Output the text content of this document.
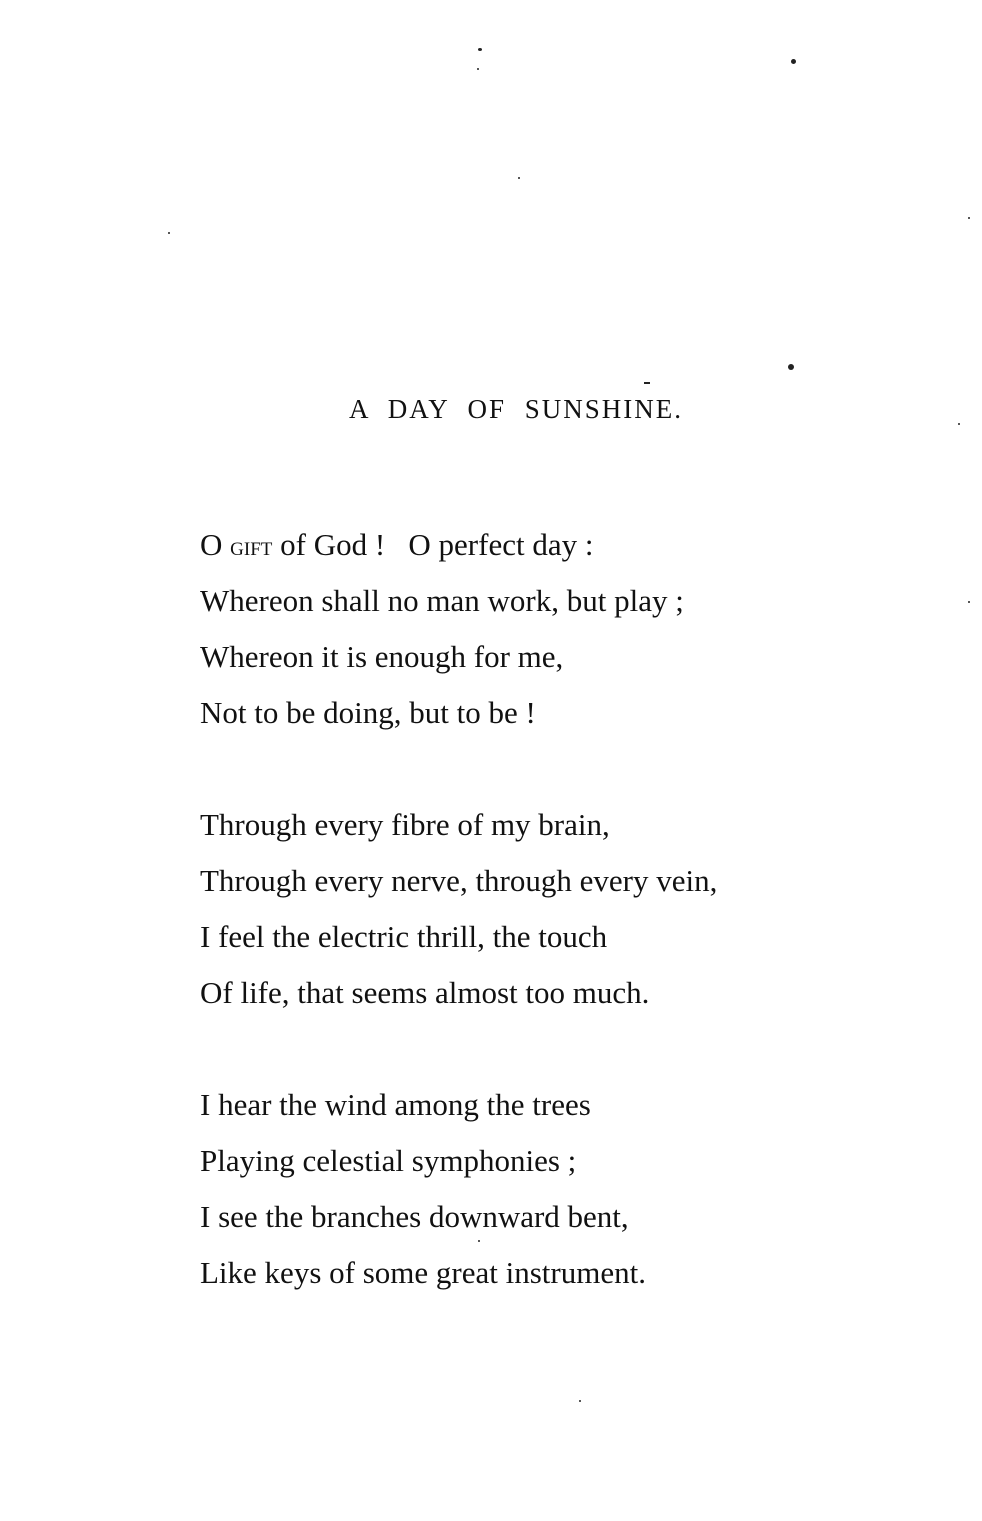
A DAY OF SUNSHINE.

O gift of God !   O perfect day :

Whereon shall no man work, but play ;

Whereon it is enough for me,

Not to be doing, but to be !

Through every fibre of my brain,

Through every nerve, through every vein,

I feel the electric thrill, the touch

Of life, that seems almost too much.

I hear the wind among the trees

Playing celestial symphonies ;

I see the branches downward bent,

Like keys of some great instrument.
